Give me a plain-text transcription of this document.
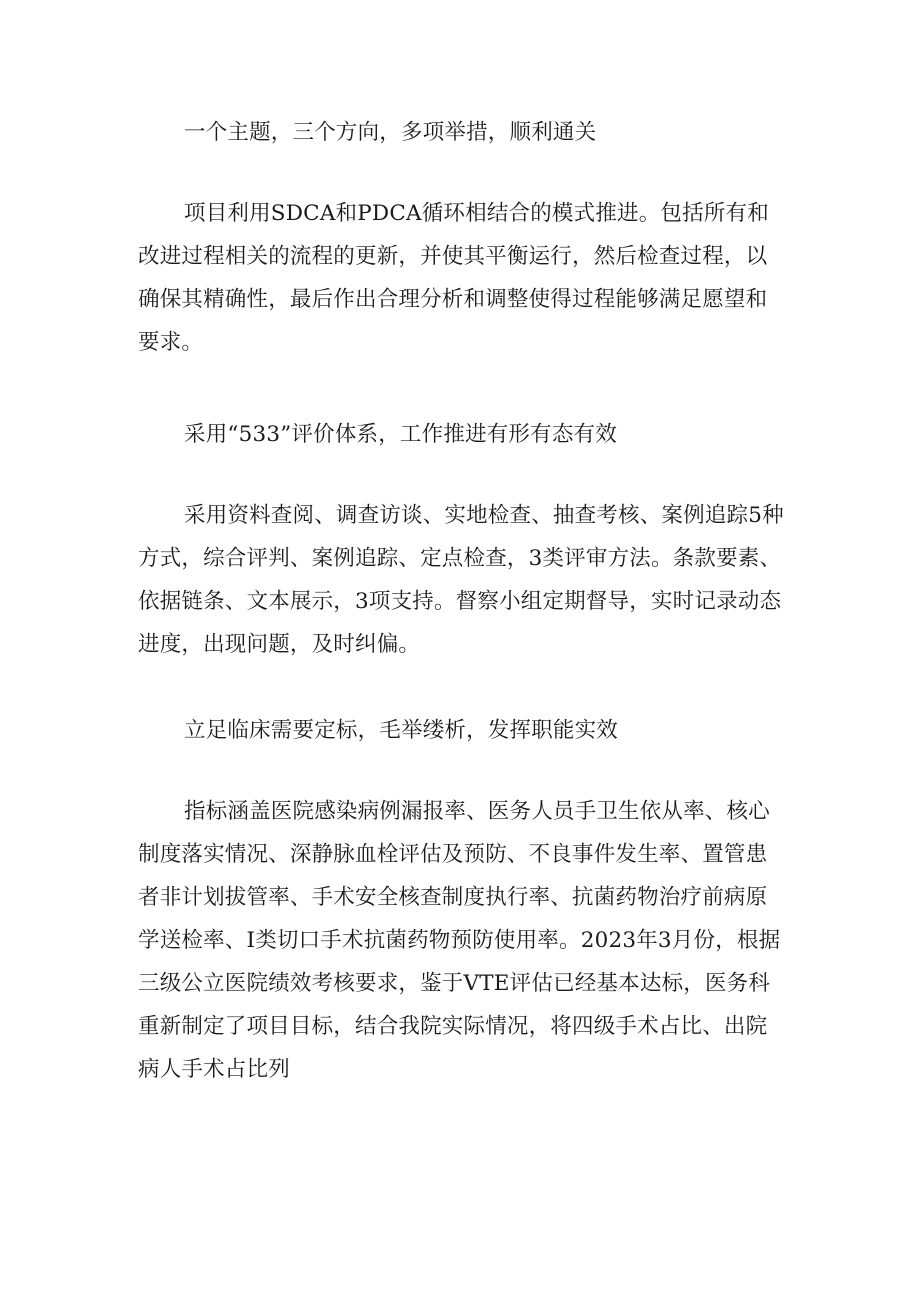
一个主题，三个方向，多项举措，顺利通关

项目利用SDCA和PDCA循环相结合的模式推进。包括所有和改进过程相关的流程的更新，并使其平衡运行，然后检查过程，以确保其精确性，最后作出合理分析和调整使得过程能够满足愿望和要求。

采用“533”评价体系，工作推进有形有态有效

采用资料查阅、调查访谈、实地检查、抽查考核、案例追踪5种方式，综合评判、案例追踪、定点检查，3类评审方法。条款要素、依据链条、文本展示，3项支持。督察小组定期督导，实时记录动态进度，出现问题，及时纠偏。

立足临床需要定标，毛举缕析，发挥职能实效

指标涵盖医院感染病例漏报率、医务人员手卫生依从率、核心制度落实情况、深静脉血栓评估及预防、不良事件发生率、置管患者非计划拔管率、手术安全核查制度执行率、抗菌药物治疗前病原学送检率、I类切口手术抗菌药物预防使用率。2023年3月份，根据三级公立医院绩效考核要求，鉴于VTE评估已经基本达标，医务科重新制定了项目目标，结合我院实际情况，将四级手术占比、出院病人手术占比列
